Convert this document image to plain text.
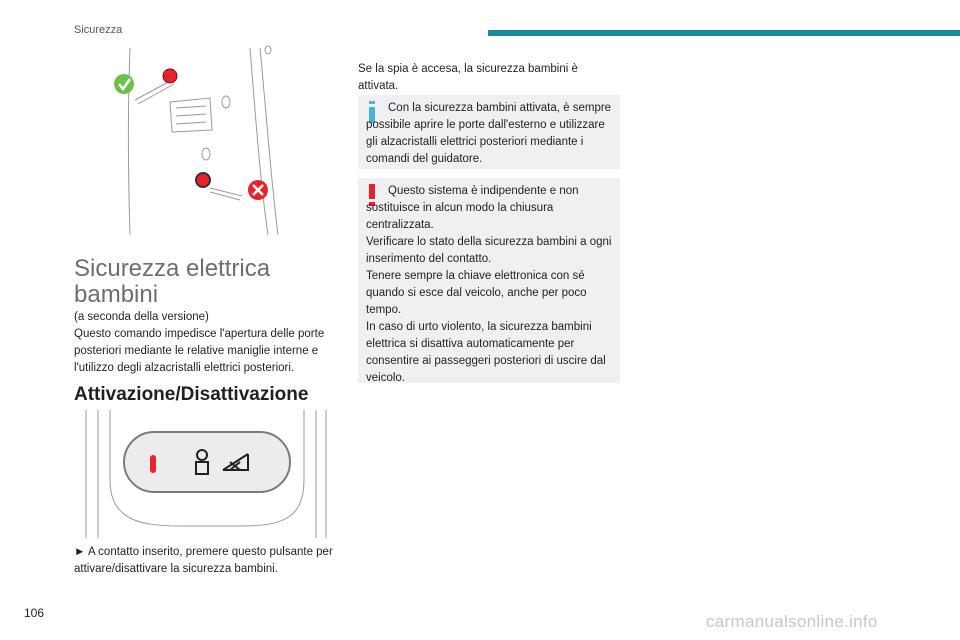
Sicurezza
Sicurezza elettrica bambini

(a seconda della versione)
Questo comando impedisce l'apertura delle porte posteriori mediante le relative maniglie interne e l'utilizzo degli alzacristalli elettrici posteriori.

Attivazione/Disattivazione

► A contatto inserito, premere questo pulsante per attivare/disattivare la sicurezza bambini.

Se la spia è accesa, la sicurezza bambini è attivata.

Con la sicurezza bambini attivata, è sempre possibile aprire le porte dall'esterno e utilizzare gli alzacristalli elettrici posteriori mediante i comandi del guidatore.

Questo sistema è indipendente e non sostituisce in alcun modo la chiusura centralizzata.
Verificare lo stato della sicurezza bambini a ogni inserimento del contatto.
Tenere sempre la chiave elettronica con sé quando si esce dal veicolo, anche per poco tempo.
In caso di urto violento, la sicurezza bambini elettrica si disattiva automaticamente per consentire ai passeggeri posteriori di uscire dal veicolo.

106	carmanualsonline.info
